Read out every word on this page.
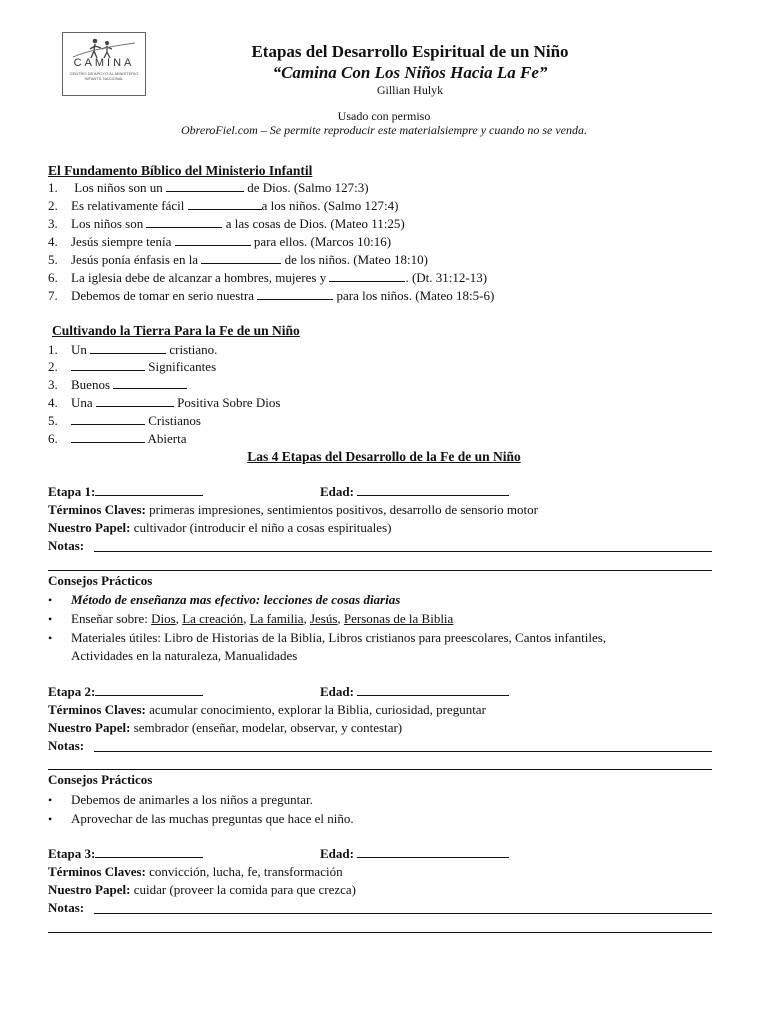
CAMINA
CENTRO DE APOYO AL MINISTERIO INFANTIL NACIONAL
Etapas del Desarrollo Espiritual de un Niño
“Camina Con Los Niños Hacia La Fe”
Gillian Hulyk
Usado con permiso
ObreroFiel.com – Se permite reproducir este materialsiempre y cuando no se venda.
El Fundamento Bíblico del Ministerio Infantil
1. Los niños son un	de Dios. (Salmo 127:3)
2. Es relativamente fácil	a los niños. (Salmo 127:4)
3. Los niños son	a las cosas de Dios. (Mateo 11:25)
4. Jesús siempre tenía	para ellos. (Marcos 10:16)
5. Jesús ponía énfasis en la	de los niños. (Mateo 18:10)
6. La iglesia debe de alcanzar a hombres, mujeres y	. (Dt. 31:12-13)
7. Debemos de tomar en serio nuestra	para los niños. (Mateo 18:5-6)
Cultivando la Tierra Para la Fe de un Niño
1. Un	cristiano.
2.	Significantes
3. Buenos
4. Una	Positiva Sobre Dios
5.	Cristianos
6.	Abierta
Las 4 Etapas del Desarrollo de la Fe de un Niño
Etapa 1:	Edad:
Términos Claves: primeras impresiones, sentimientos positivos, desarrollo de sensorio motor
Nuestro Papel: cultivador (introducir el niño a cosas espirituales)
Notas:
Consejos Prácticos
• Método de enseñanza mas efectivo: lecciones de cosas diarias
• Enseñar sobre: Dios, La creación, La familia, Jesús, Personas de la Biblia
• Materiales útiles: Libro de Historias de la Biblia, Libros cristianos para preescolares, Cantos infantiles,
Actividades en la naturaleza, Manualidades
Etapa 2:	Edad:
Términos Claves: acumular conocimiento, explorar la Biblia, curiosidad, preguntar
Nuestro Papel: sembrador (enseñar, modelar, observar, y contestar)
Notas:
Consejos Prácticos
• Debemos de animarles a los niños a preguntar.
• Aprovechar de las muchas preguntas que hace el niño.
Etapa 3:	Edad:
Términos Claves: convicción, lucha, fe, transformación
Nuestro Papel: cuidar (proveer la comida para que crezca)
Notas:
